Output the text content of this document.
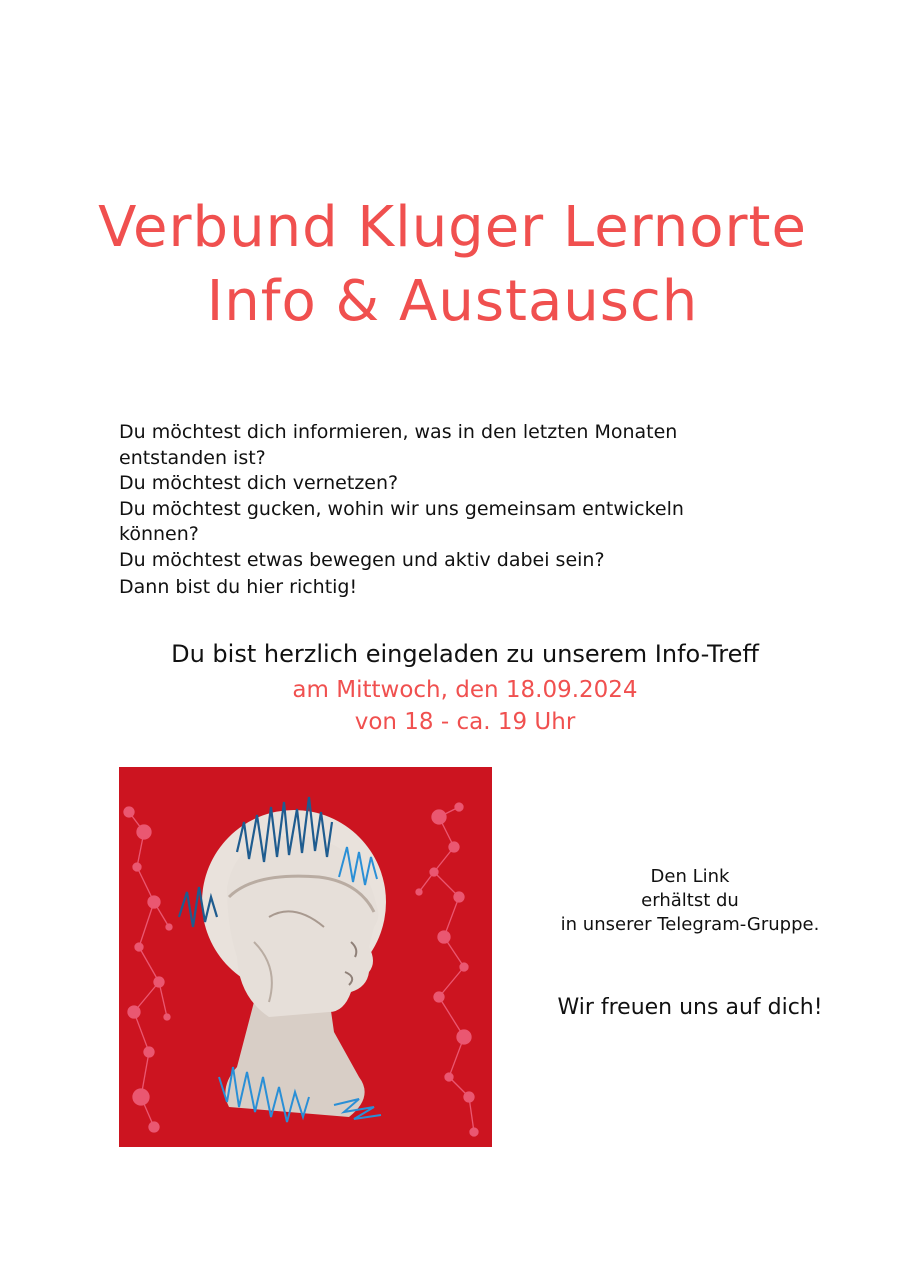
Verbund Kluger Lernorte
Info & Austausch

Du möchtest dich informieren, was in den letzten Monaten

entstanden ist?

Du möchtest dich vernetzen?

Du möchtest gucken, wohin wir uns gemeinsam entwickeln

können?

Du möchtest etwas bewegen und aktiv dabei sein?

Dann bist du hier richtig!

Du bist herzlich eingeladen zu unserem Info-Treff
am Mittwoch, den 18.09.2024
von 18 - ca. 19 Uhr

Den Link

erhältst du

in unserer Telegram-Gruppe.

Wir freuen uns auf dich!
